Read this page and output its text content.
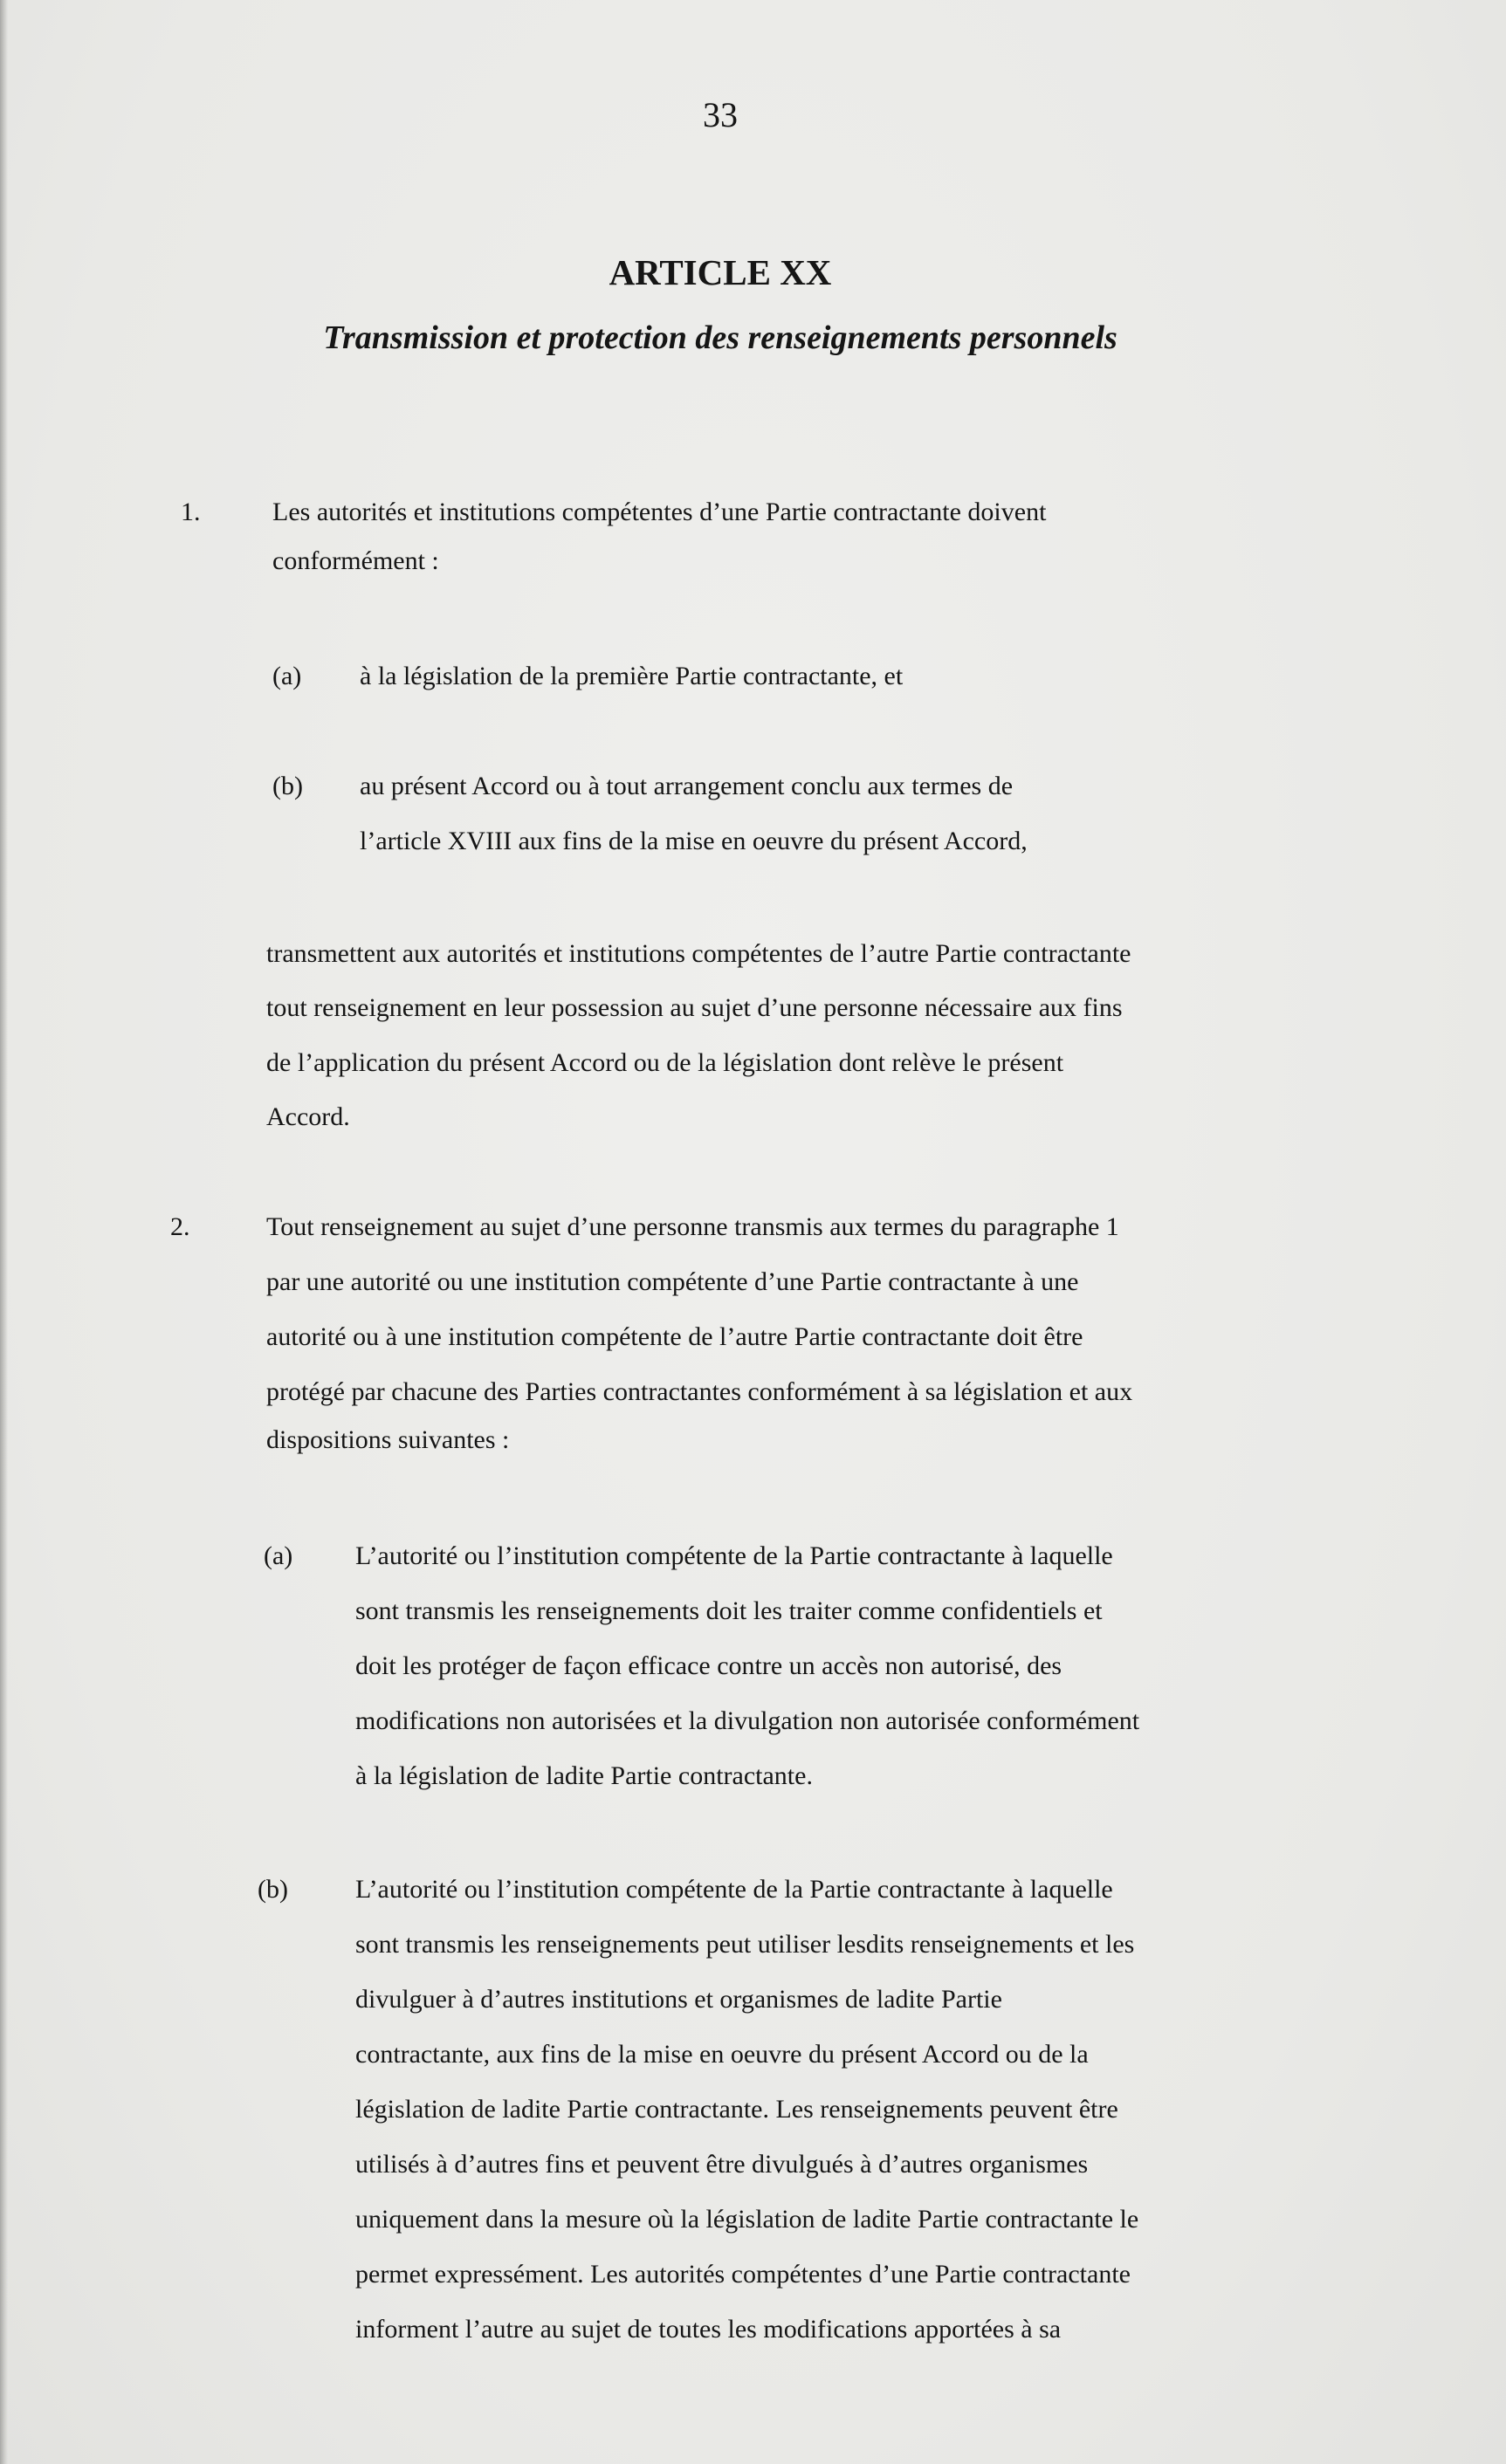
33
ARTICLE XX
Transmission et protection des renseignements personnels
1.	Les autorités et institutions compétentes d’une Partie contractante doivent
conformément :
(a) à la législation de la première Partie contractante, et
(b) au présent Accord ou à tout arrangement conclu aux termes de
l’article XVIII aux fins de la mise en oeuvre du présent Accord,
transmettent aux autorités et institutions compétentes de l’autre Partie contractante
tout renseignement en leur possession au sujet d’une personne nécessaire aux fins
de l’application du présent Accord ou de la législation dont relève le présent
Accord.
2.	Tout renseignement au sujet d’une personne transmis aux termes du paragraphe 1
par une autorité ou une institution compétente d’une Partie contractante à une
autorité ou à une institution compétente de l’autre Partie contractante doit être
protégé par chacune des Parties contractantes conformément à sa législation et aux
dispositions suivantes :
(a) L’autorité ou l’institution compétente de la Partie contractante à laquelle
sont transmis les renseignements doit les traiter comme confidentiels et
doit les protéger de façon efficace contre un accès non autorisé, des
modifications non autorisées et la divulgation non autorisée conformément
à la législation de ladite Partie contractante.
(b)	L’autorité ou l’institution compétente de la Partie contractante à laquelle
sont transmis les renseignements peut utiliser lesdits renseignements et les
divulguer à d’autres institutions et organismes de ladite Partie
contractante, aux fins de la mise en oeuvre du présent Accord ou de la
législation de ladite Partie contractante. Les renseignements peuvent être
utilisés à d’autres fins et peuvent être divulgués à d’autres organismes
uniquement dans la mesure où la législation de ladite Partie contractante le
permet expressément. Les autorités compétentes d’une Partie contractante
informent l’autre au sujet de toutes les modifications apportées à sa
